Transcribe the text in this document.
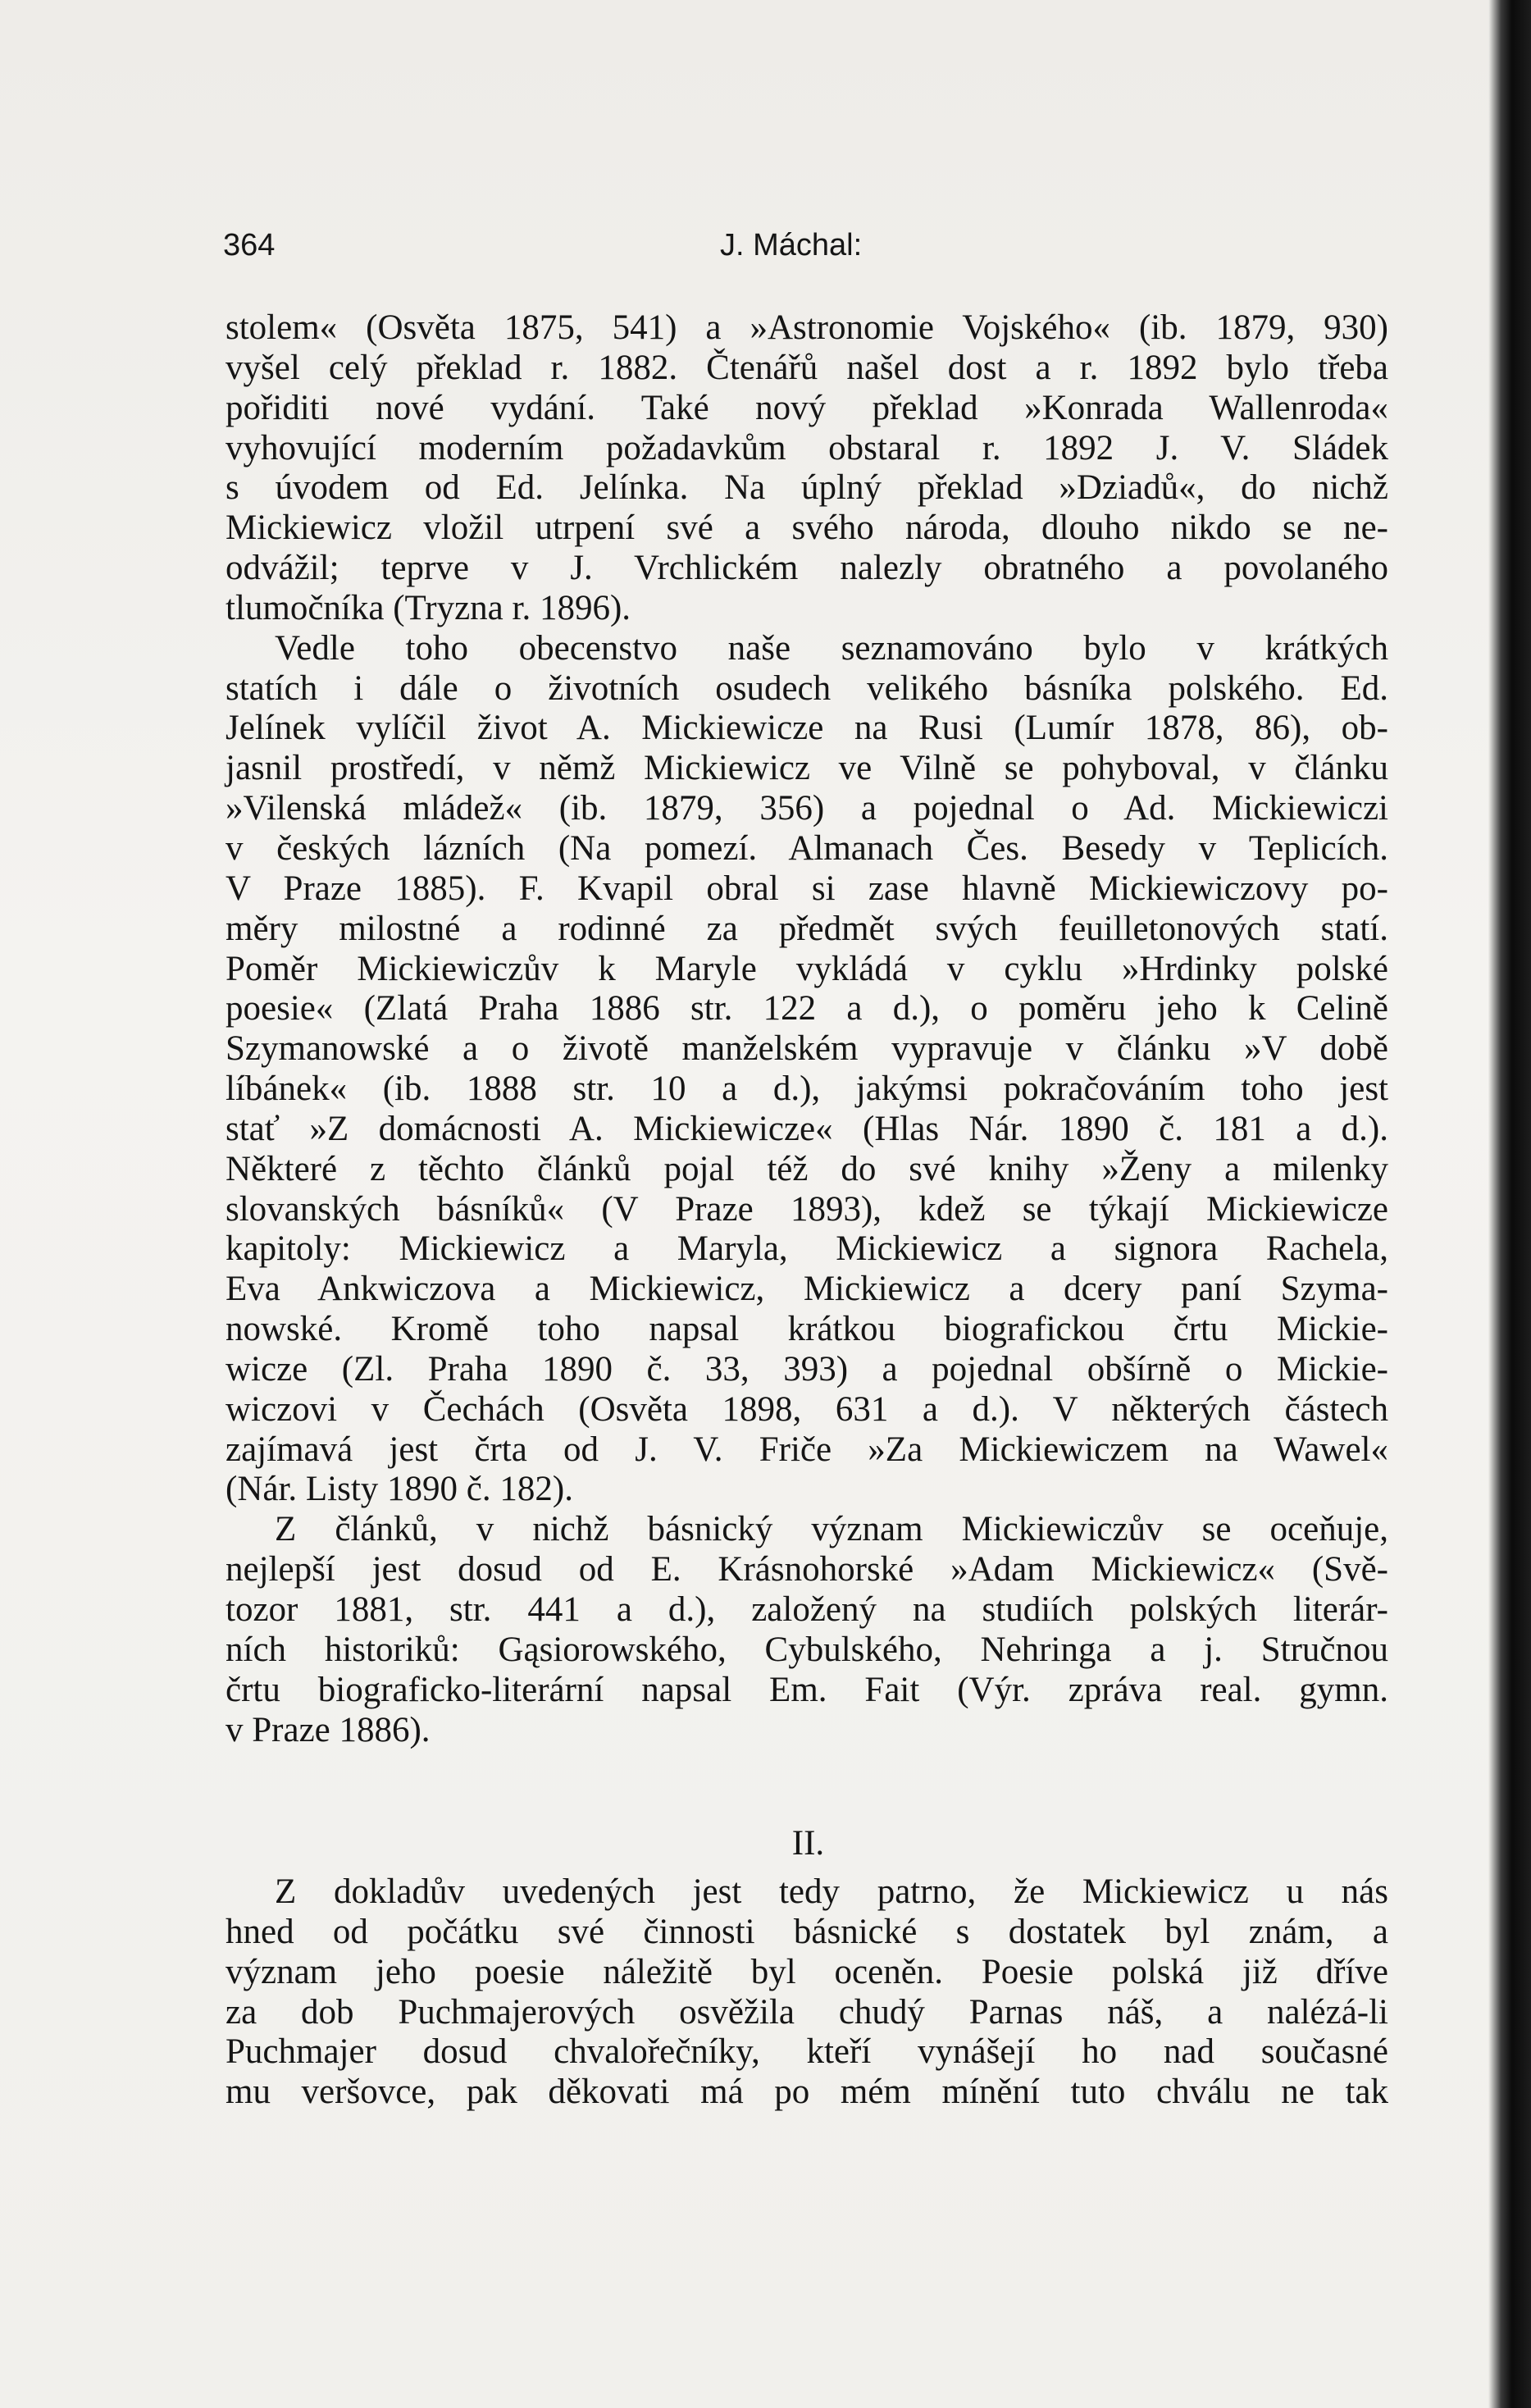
364	J. Máchal:
stolem« (Osvěta 1875, 541) a »Astronomie Vojského« (ib. 1879, 930)
vyšel celý překlad r. 1882. Čtenářů našel dost a r. 1892 bylo třeba
pořiditi nové vydání. Také nový překlad »Konrada Wallenroda«
vyhovující moderním požadavkům obstaral r. 1892 J. V. Sládek
s úvodem od Ed. Jelínka. Na úplný překlad »Dziadů«, do nichž
Mickiewicz vložil utrpení své a svého národa, dlouho nikdo se ne-
odvážil; teprve v J. Vrchlickém nalezly obratného a povolaného
tlumočníka (Tryzna r. 1896).
Vedle toho obecenstvo naše seznamováno bylo v krátkých
statích i dále o životních osudech velikého básníka polského. Ed.
Jelínek vylíčil život A. Mickiewicze na Rusi (Lumír 1878, 86), ob-
jasnil prostředí, v němž Mickiewicz ve Vilně se pohyboval, v článku
»Vilenská mládež« (ib. 1879, 356) a pojednal o Ad. Mickiewiczi
v českých lázních (Na pomezí. Almanach Čes. Besedy v Teplicích.
V Praze 1885). F. Kvapil obral si zase hlavně Mickiewiczovy po-
měry milostné a rodinné za předmět svých feuilletonových statí.
Poměr Mickiewiczův k Maryle vykládá v cyklu »Hrdinky polské
poesie« (Zlatá Praha 1886 str. 122 a d.), o poměru jeho k Celině
Szymanowské a o životě manželském vypravuje v článku »V době
líbánek« (ib. 1888 str. 10 a d.), jakýmsi pokračováním toho jest
stať »Z domácnosti A. Mickiewicze« (Hlas Nár. 1890 č. 181 a d.).
Některé z těchto článků pojal též do své knihy »Ženy a milenky
slovanských básníků« (V Praze 1893), kdež se týkají Mickiewicze
kapitoly: Mickiewicz a Maryla, Mickiewicz a signora Rachela,
Eva Ankwiczova a Mickiewicz, Mickiewicz a dcery paní Szyma-
nowské. Kromě toho napsal krátkou biografickou črtu Mickie-
wicze (Zl. Praha 1890 č. 33, 393) a pojednal obšírně o Mickie-
wiczovi v Čechách (Osvěta 1898, 631 a d.). V některých částech
zajímavá jest črta od J. V. Friče »Za Mickiewiczem na Wawel«
(Nár. Listy 1890 č. 182).
Z článků, v nichž básnický význam Mickiewiczův se oceňuje,
nejlepší jest dosud od E. Krásnohorské »Adam Mickiewicz« (Svě-
tozor 1881, str. 441 a d.), založený na studiích polských literár-
ních historiků: Gąsiorowského, Cybulského, Nehringa a j. Stručnou
črtu biograficko-literární napsal Em. Fait (Výr. zpráva real. gymn.
v Praze 1886).
II.
Z dokladův uvedených jest tedy patrno, že Mickiewicz u nás
hned od počátku své činnosti básnické s dostatek byl znám, a
význam jeho poesie náležitě byl oceněn. Poesie polská již dříve
za dob Puchmajerových osvěžila chudý Parnas náš, a nalézá-li
Puchmajer dosud chvalořečníky, kteří vynášejí ho nad současné
mu veršovce, pak děkovati má po mém mínění tuto chválu ne tak
